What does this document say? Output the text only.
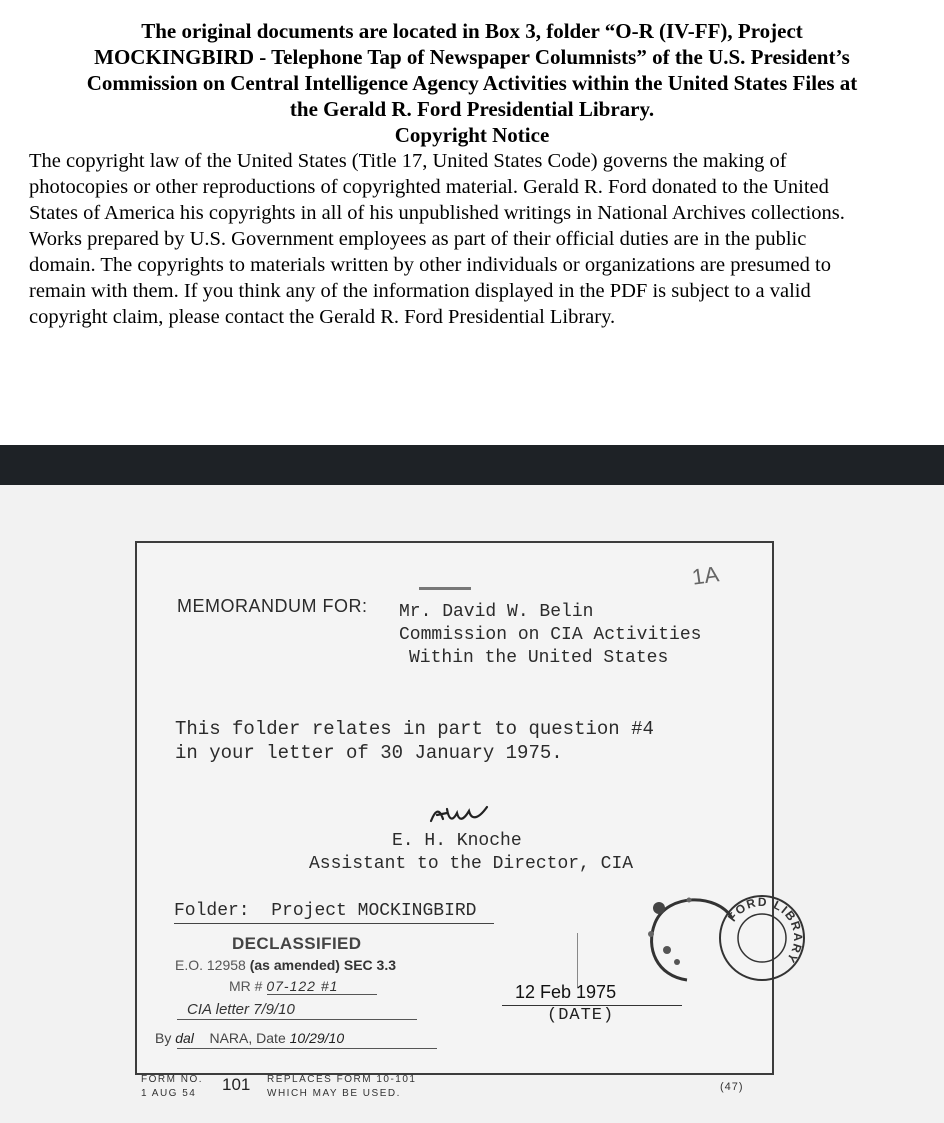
The original documents are located in Box 3, folder “O-R (IV-FF), Project
MOCKINGBIRD - Telephone Tap of Newspaper Columnists” of the U.S. President’s
Commission on Central Intelligence Agency Activities within the United States Files at
the Gerald R. Ford Presidential Library.
Copyright Notice
The copyright law of the United States (Title 17, United States Code) governs the making of
photocopies or other reproductions of copyrighted material. Gerald R. Ford donated to the United
States of America his copyrights in all of his unpublished writings in National Archives collections.
Works prepared by U.S. Government employees as part of their official duties are in the public
domain. The copyrights to materials written by other individuals or organizations are presumed to
remain with them. If you think any of the information displayed in the PDF is subject to a valid
copyright claim, please contact the Gerald R. Ford Presidential Library.
1A
MEMORANDUM FOR: Mr. David W. Belin
Commission on CIA Activities
Within the United States
This folder relates in part to question #4
in your letter of 30 January 1975.
E. H. Knoche
Assistant to the Director, CIA
Folder: Project MOCKINGBIRD
DECLASSIFIED
E.O. 12958 (as amended) SEC 3.3
MR # 07-122 #1
CIA letter 7/9/10
By dal NARA, Date 10/29/10
FORD LIBRARY
12 Feb 1975
(DATE)
FORM NO.
1 AUG 54	101 REPLACES FORM 10-101
WHICH MAY BE USED.
(47)
